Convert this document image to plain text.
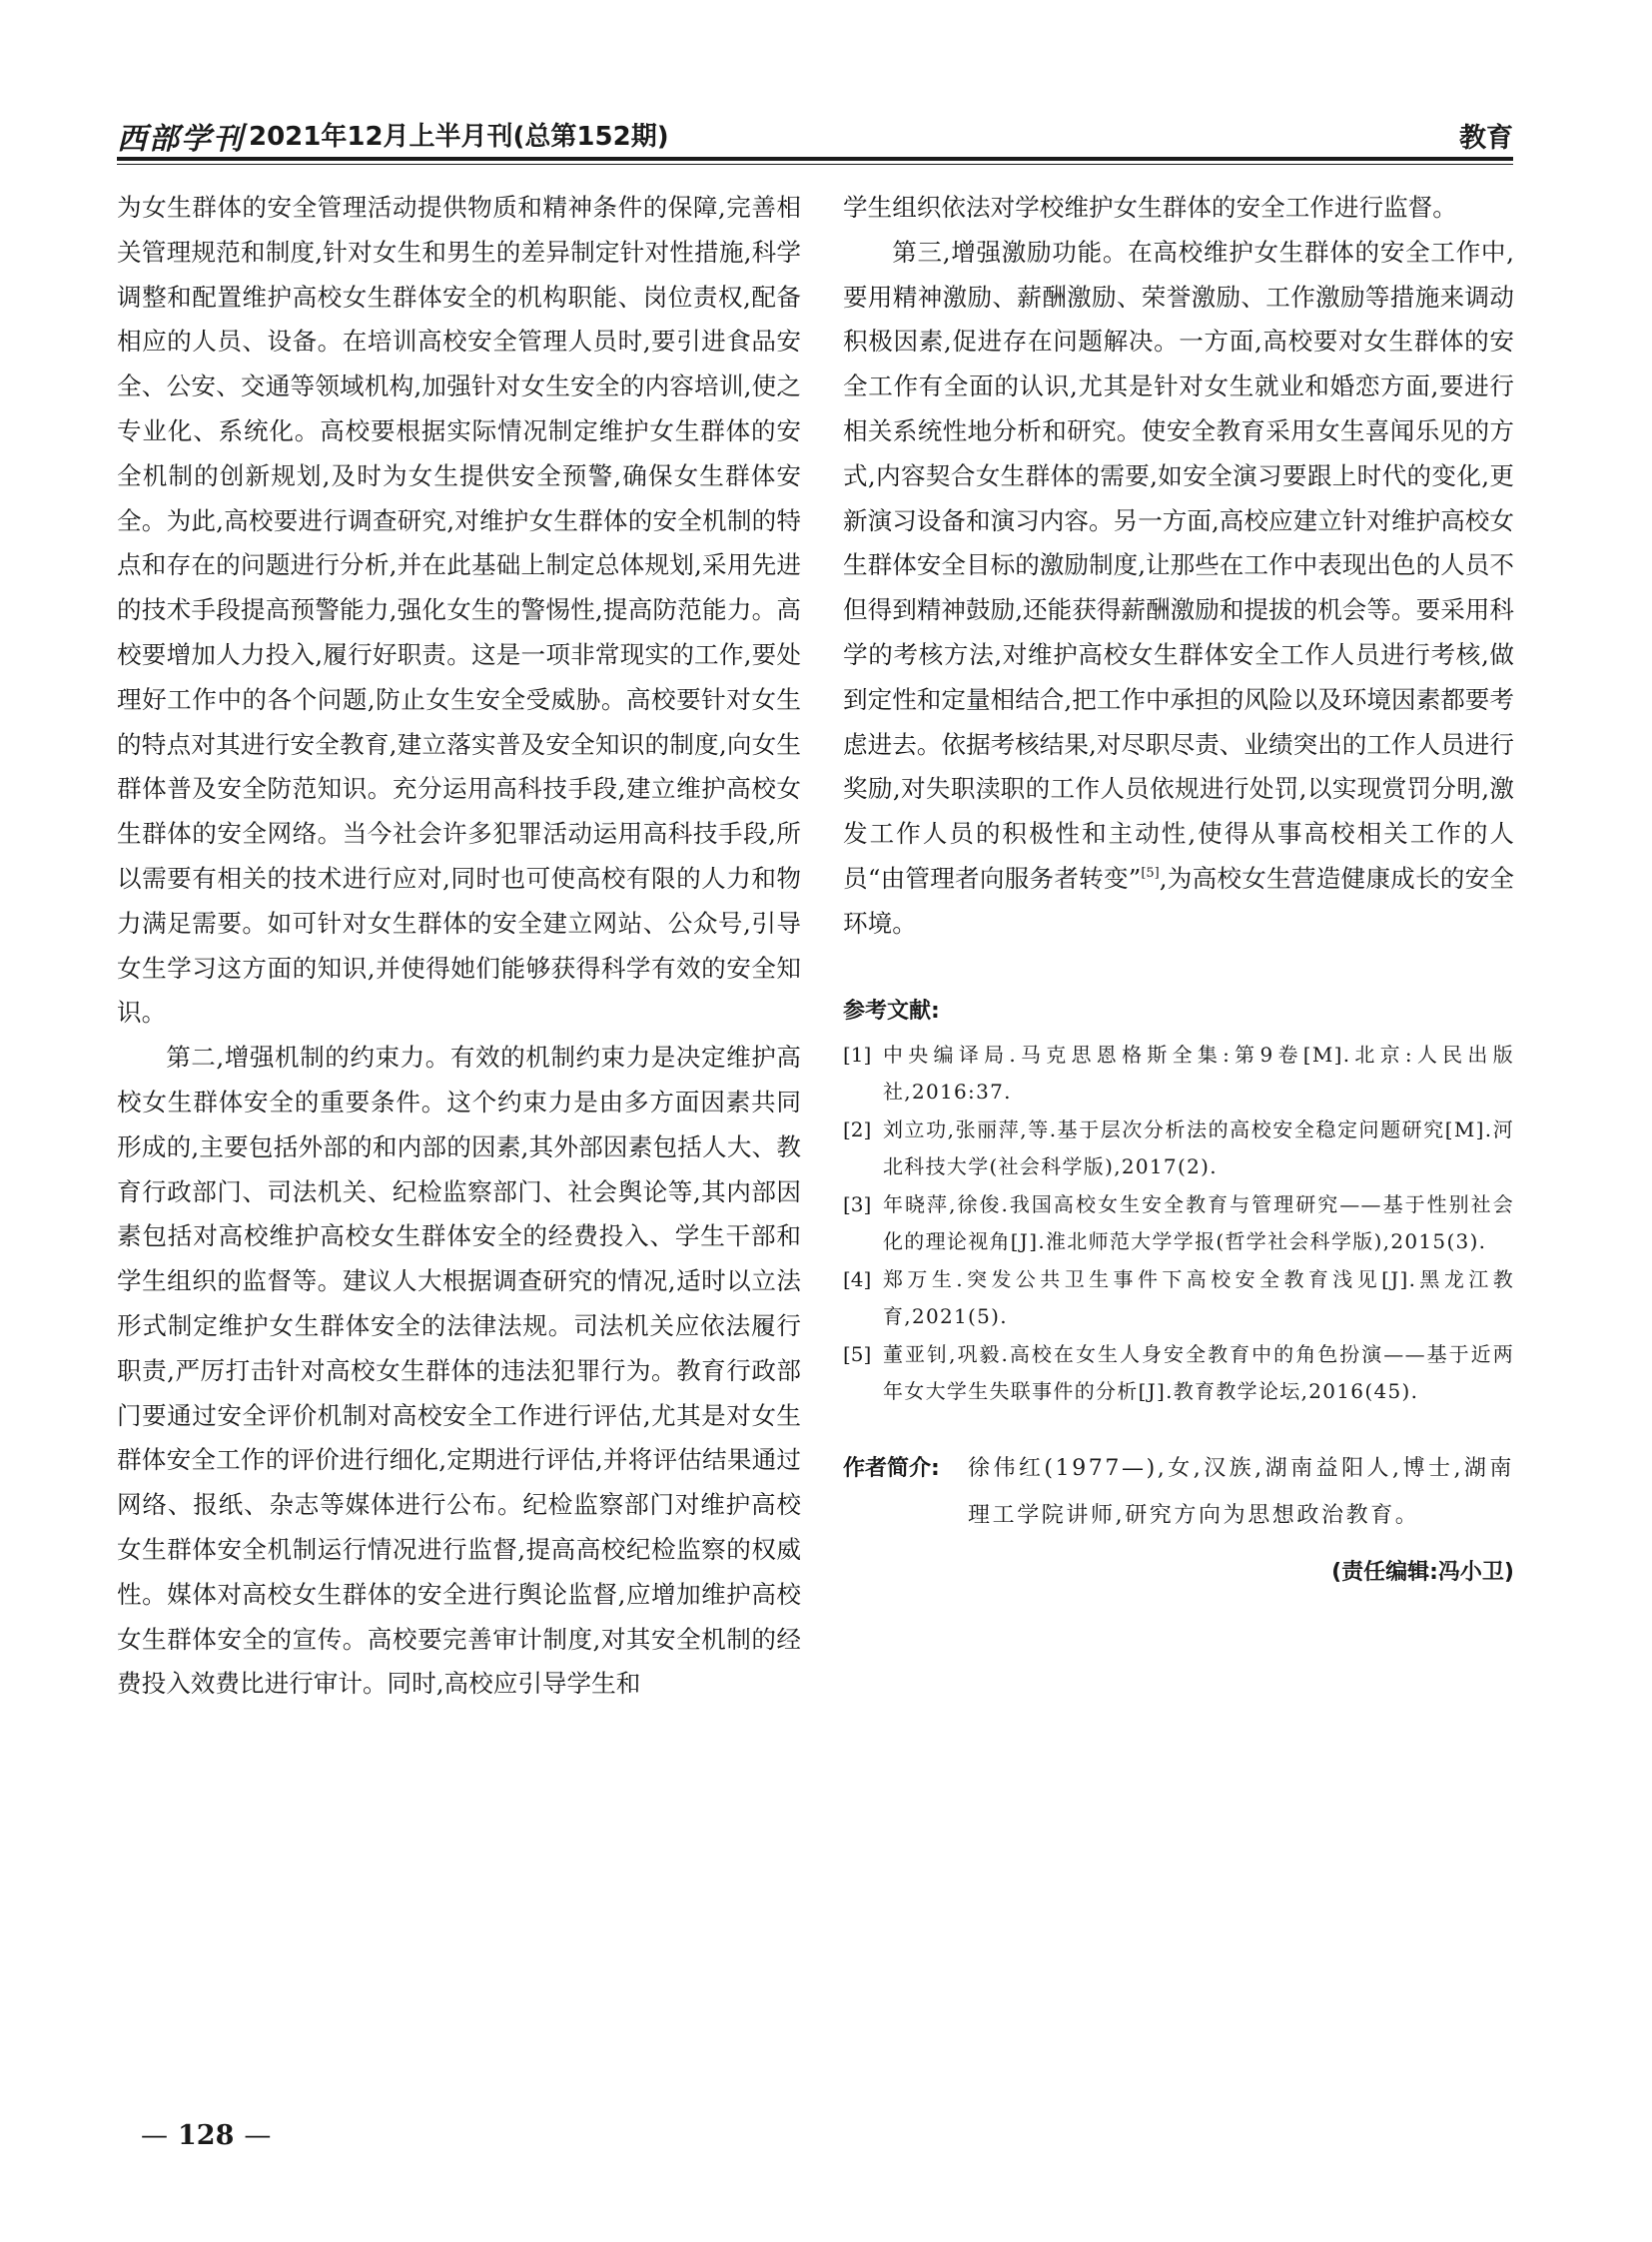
西部学刊 2021年12月上半月刊(总第152期)	教育

为女生群体的安全管理活动提供物质和精神条件的保障,完善相关管理规范和制度,针对女生和男生的差异制定针对性措施,科学调整和配置维护高校女生群体安全的机构职能、岗位责权,配备相应的人员、设备。在培训高校安全管理人员时,要引进食品安全、公安、交通等领域机构,加强针对女生安全的内容培训,使之专业化、系统化。高校要根据实际情况制定维护女生群体的安全机制的创新规划,及时为女生提供安全预警,确保女生群体安全。为此,高校要进行调查研究,对维护女生群体的安全机制的特点和存在的问题进行分析,并在此基础上制定总体规划,采用先进的技术手段提高预警能力,强化女生的警惕性,提高防范能力。高校要增加人力投入,履行好职责。这是一项非常现实的工作,要处理好工作中的各个问题,防止女生安全受威胁。高校要针对女生的特点对其进行安全教育,建立落实普及安全知识的制度,向女生群体普及安全防范知识。充分运用高科技手段,建立维护高校女生群体的安全网络。当今社会许多犯罪活动运用高科技手段,所以需要有相关的技术进行应对,同时也可使高校有限的人力和物力满足需要。如可针对女生群体的安全建立网站、公众号,引导女生学习这方面的知识,并使得她们能够获得科学有效的安全知识。

第二,增强机制的约束力。有效的机制约束力是决定维护高校女生群体安全的重要条件。这个约束力是由多方面因素共同形成的,主要包括外部的和内部的因素,其外部因素包括人大、教育行政部门、司法机关、纪检监察部门、社会舆论等,其内部因素包括对高校维护高校女生群体安全的经费投入、学生干部和学生组织的监督等。建议人大根据调查研究的情况,适时以立法形式制定维护女生群体安全的法律法规。司法机关应依法履行职责,严厉打击针对高校女生群体的违法犯罪行为。教育行政部门要通过安全评价机制对高校安全工作进行评估,尤其是对女生群体安全工作的评价进行细化,定期进行评估,并将评估结果通过网络、报纸、杂志等媒体进行公布。纪检监察部门对维护高校女生群体安全机制运行情况进行监督,提高高校纪检监察的权威性。媒体对高校女生群体的安全进行舆论监督,应增加维护高校女生群体安全的宣传。高校要完善审计制度,对其安全机制的经费投入效费比进行审计。同时,高校应引导学生和

学生组织依法对学校维护女生群体的安全工作进行监督。

第三,增强激励功能。在高校维护女生群体的安全工作中,要用精神激励、薪酬激励、荣誉激励、工作激励等措施来调动积极因素,促进存在问题解决。一方面,高校要对女生群体的安全工作有全面的认识,尤其是针对女生就业和婚恋方面,要进行相关系统性地分析和研究。使安全教育采用女生喜闻乐见的方式,内容契合女生群体的需要,如安全演习要跟上时代的变化,更新演习设备和演习内容。另一方面,高校应建立针对维护高校女生群体安全目标的激励制度,让那些在工作中表现出色的人员不但得到精神鼓励,还能获得薪酬激励和提拔的机会等。要采用科学的考核方法,对维护高校女生群体安全工作人员进行考核,做到定性和定量相结合,把工作中承担的风险以及环境因素都要考虑进去。依据考核结果,对尽职尽责、业绩突出的工作人员进行奖励,对失职渎职的工作人员依规进行处罚,以实现赏罚分明,激发工作人员的积极性和主动性,使得从事高校相关工作的人员“由管理者向服务者转变”[5],为高校女生营造健康成长的安全环境。

参考文献:
[1] 中央编译局.马克思恩格斯全集:第9卷[M].北京:人民出版社,2016:37.
[2] 刘立功,张丽萍,等.基于层次分析法的高校安全稳定问题研究[M].河北科技大学(社会科学版),2017(2).
[3] 年晓萍,徐俊.我国高校女生安全教育与管理研究——基于性别社会化的理论视角[J].淮北师范大学学报(哲学社会科学版),2015(3).
[4] 郑万生.突发公共卫生事件下高校安全教育浅见[J].黑龙江教育,2021(5).
[5] 董亚钊,巩毅.高校在女生人身安全教育中的角色扮演——基于近两年女大学生失联事件的分析[J].教育教学论坛,2016(45).
作者简介:	徐伟红(1977—),女,汉族,湖南益阳人,博士,湖南理工学院讲师,研究方向为思想政治教育。
(责任编辑:冯小卫)
— 128 —
